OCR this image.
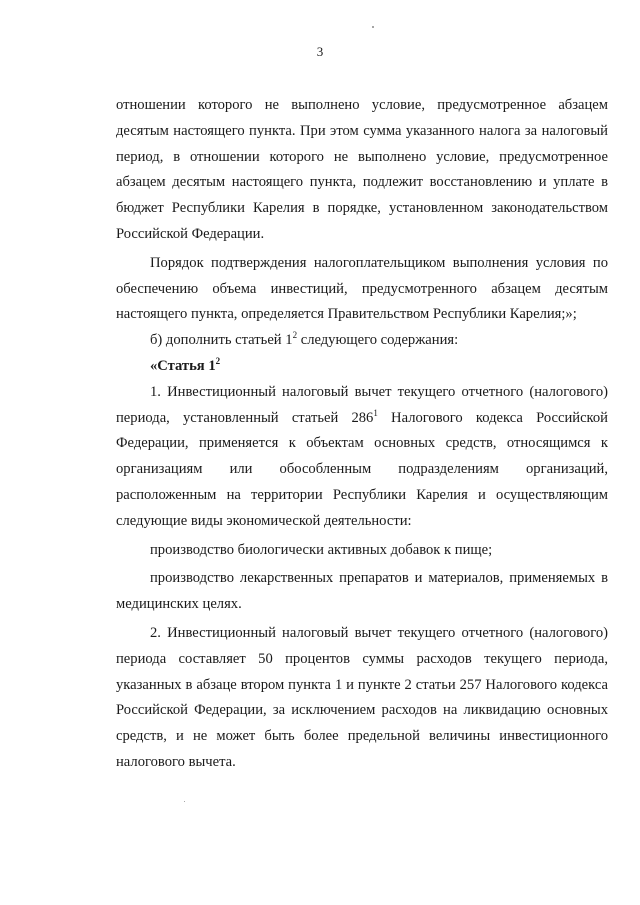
3

отношении которого не выполнено условие, предусмотренное абзацем десятым настоящего пункта. При этом сумма указанного налога за налоговый период, в отношении которого не выполнено условие, предусмотренное абзацем десятым настоящего пункта, подлежит восстановлению и уплате в бюджет Республики Карелия в порядке, установленном законодательством Российской Федерации.

Порядок подтверждения налогоплательщиком выполнения условия по обеспечению объема инвестиций, предусмотренного абзацем десятым настоящего пункта, определяется Правительством Республики Карелия;»;

б) дополнить статьей $1^2$ следующего содержания:

«Статья $1^2$

1. Инвестиционный налоговый вычет текущего отчетного (налогового) периода, установленный статьей $286^1$ Налогового кодекса Российской Федерации, применяется к объектам основных средств, относящимся к организациям или обособленным подразделениям организаций, расположенным на территории Республики Карелия и осуществляющим следующие виды экономической деятельности:

производство биологически активных добавок к пище;

производство лекарственных препаратов и материалов, применяемых в медицинских целях.

2. Инвестиционный налоговый вычет текущего отчетного (налогового) периода составляет 50 процентов суммы расходов текущего периода, указанных в абзаце втором пункта 1 и пункте 2 статьи 257 Налогового кодекса Российской Федерации, за исключением расходов на ликвидацию основных средств, и не может быть более предельной величины инвестиционного налогового вычета.
